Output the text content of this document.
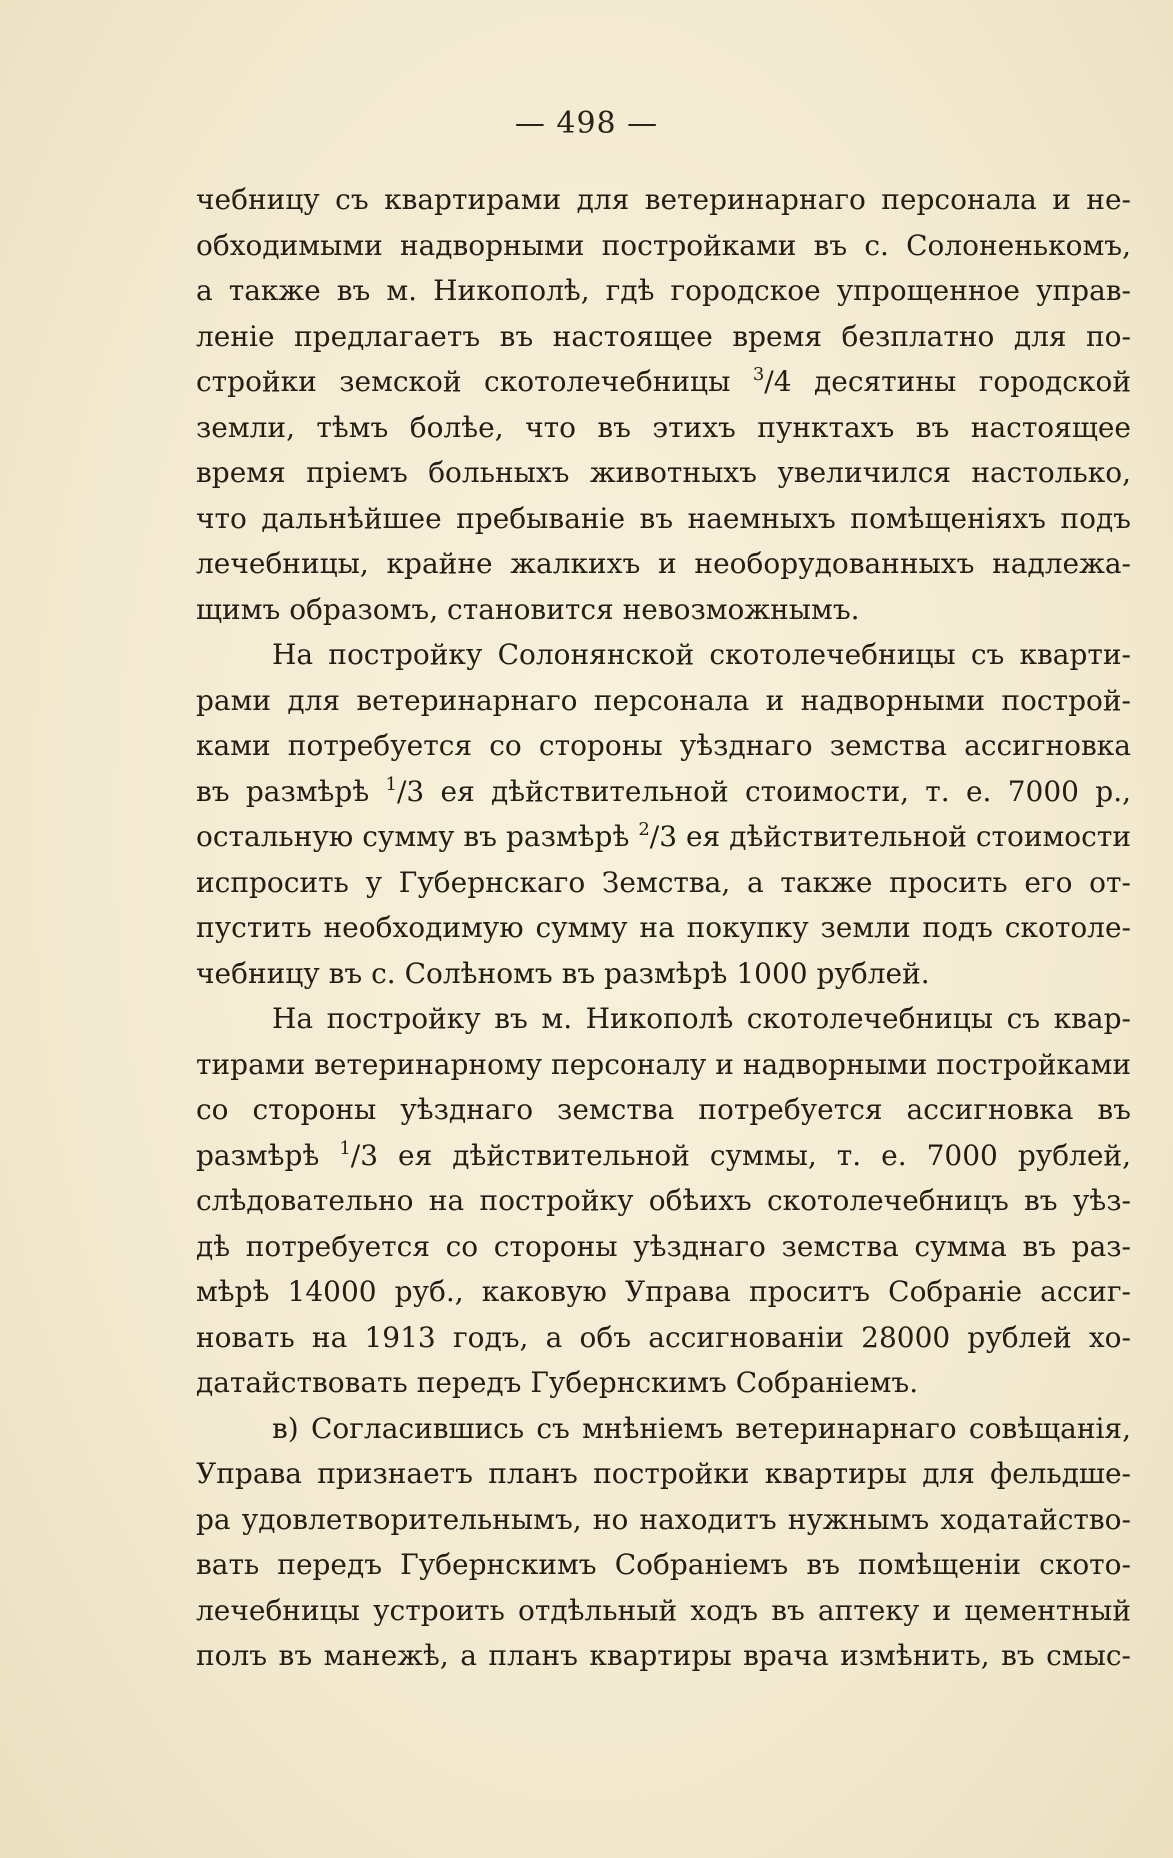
— 498 —
чебницу съ квартирами для ветеринарнаго персонала и не-
обходимыми надворными постройками въ с. Солоненькомъ,
а также въ м. Никополѣ, гдѣ городское упрощенное управ-
леніе предлагаетъ въ настоящее время безплатно для по-
стройки земской скотолечебницы $^3$/4 десятины городской
земли, тѣмъ болѣе, что въ этихъ пунктахъ въ настоящее
время пріемъ больныхъ животныхъ увеличился настолько,
что дальнѣйшее пребываніе въ наемныхъ помѣщеніяхъ подъ
лечебницы, крайне жалкихъ и необорудованныхъ надлежа-
щимъ образомъ, становится невозможнымъ.
На постройку Солонянской скотолечебницы съ кварти-
рами для ветеринарнаго персонала и надворными построй-
ками потребуется со стороны уѣзднаго земства ассигновка
въ размѣрѣ $^1$/3 ея дѣйствительной стоимости, т. е. 7000 р.,
остальную сумму въ размѣрѣ $^2$/3 ея дѣйствительной стоимости
испросить у Губернскаго Земства, а также просить его от-
пустить необходимую сумму на покупку земли подъ скотоле-
чебницу въ с. Солѣномъ въ размѣрѣ 1000 рублей.
На постройку въ м. Никополѣ скотолечебницы съ квар-
тирами ветеринарному персоналу и надворными постройками
со стороны уѣзднаго земства потребуется ассигновка въ
размѣрѣ $^1$/3 ея дѣйствительной суммы, т. е. 7000 рублей,
слѣдовательно на постройку обѣихъ скотолечебницъ въ уѣз-
дѣ потребуется со стороны уѣзднаго земства сумма въ раз-
мѣрѣ 14000 руб., каковую Управа проситъ Собраніе ассиг-
новать на 1913 годъ, а объ ассигнованіи 28000 рублей хо-
датайствовать передъ Губернскимъ Собраніемъ.
в) Согласившись съ мнѣніемъ ветеринарнаго совѣщанія,
Управа признаетъ планъ постройки квартиры для фельдше-
ра удовлетворительнымъ, но находитъ нужнымъ ходатайство-
вать передъ Губернскимъ Собраніемъ въ помѣщеніи ското-
лечебницы устроить отдѣльный ходъ въ аптеку и цементный
полъ въ манежѣ, а планъ квартиры врача измѣнить, въ смыс-
